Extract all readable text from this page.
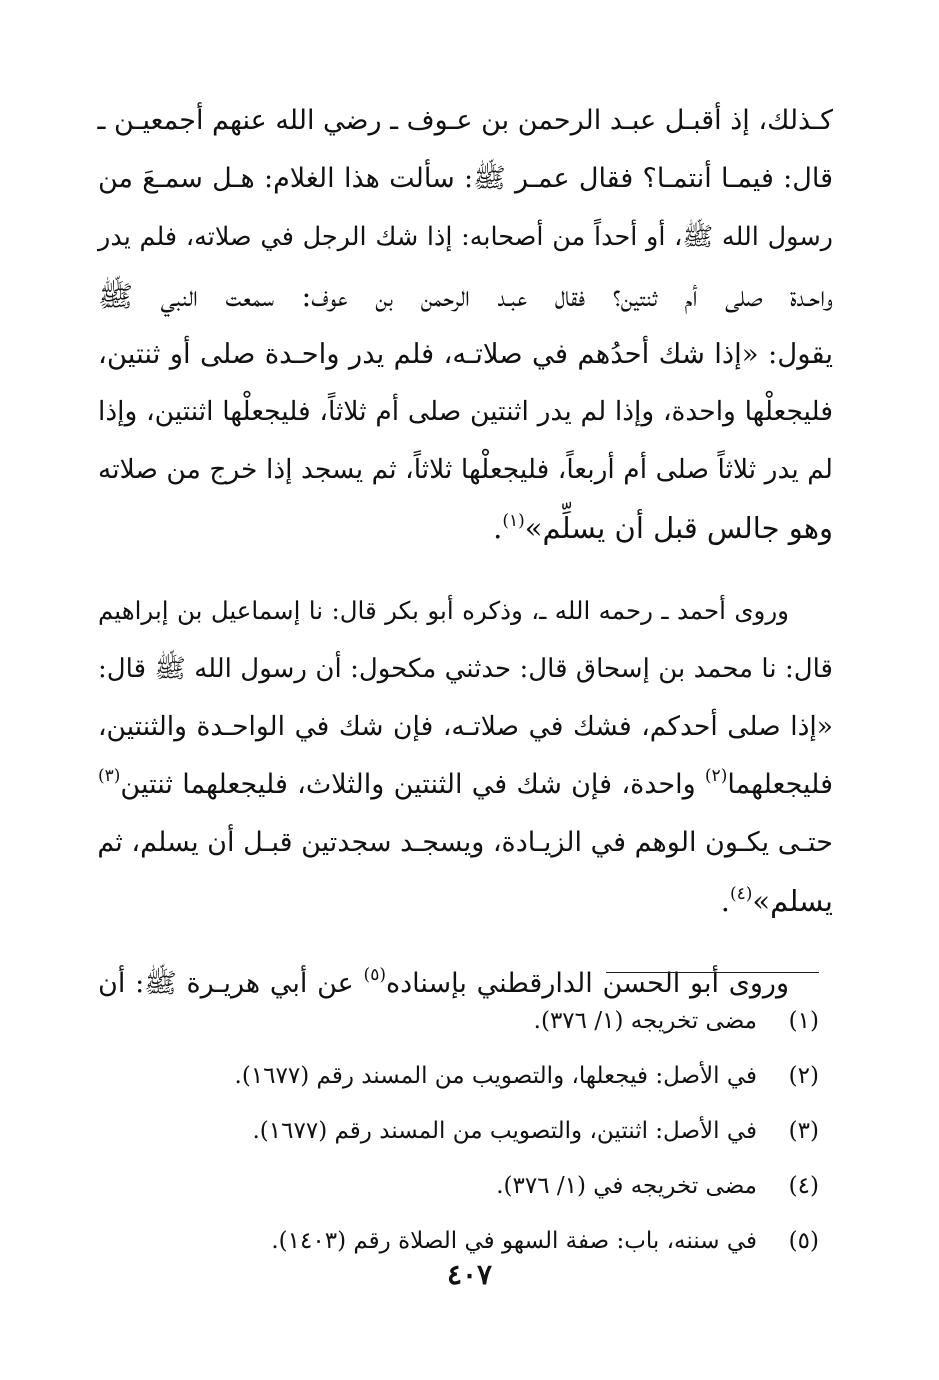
كـذلك، إذ أقبـل عبـد الرحمن بن عـوف ـ رضي الله عنهم أجمعيـن ـ
قال: فيمـا أنتمـا؟ فقال عمـر ﷺ: سألت هذا الغلام: هـل سمـعَ من
رسول الله ﷺ، أو أحداً من أصحابه: إذا شك الرجل في صلاته، فلم يدر
واحـدة صلى أم ثنتين؟ فقال عبـد الرحمن بن عوف: سمعت النبي ﷺ
يقول: «إذا شك أحدُهم في صلاتـه، فلم يدر واحـدة صلى أو ثنتين،
فليجعلْها واحدة، وإذا لم يدر اثنتين صلى أم ثلاثاً، فليجعلْها اثنتين، وإذا
لم يدر ثلاثاً صلى أم أربعاً، فليجعلْها ثلاثاً، ثم يسجد إذا خرج من صلاته
وهو جالس قبل أن يسلِّم»$^{(١)}$.
وروى أحمد ـ رحمه الله ـ، وذكره أبو بكر قال: نا إسماعيل بن إبراهيم
قال: نا محمد بن إسحاق قال: حدثني مكحول: أن رسول الله ﷺ قال:
«إذا صلى أحدكم، فشك في صلاتـه، فإن شك في الواحـدة والثنتين،
فليجعلهما$^{(٢)}$ واحدة، فإن شك في الثنتين والثلاث، فليجعلهما ثنتين$^{(٣)}$
حتـى يكـون الوهم في الزيـادة، ويسجـد سجدتين قبـل أن يسلم، ثم
يسلم»$^{(٤)}$.
وروى أبو الحسن الدارقطني بإسناده$^{(٥)}$ عن أبي هريـرة ﷺ: أن
(١)
مضى تخريجه (١/ ٣٧٦).
(٢)
في الأصل: فيجعلها، والتصويب من المسند رقم (١٦٧٧).
(٣)
في الأصل: اثنتين، والتصويب من المسند رقم (١٦٧٧).
(٤)
مضى تخريجه في (١/ ٣٧٦).
(٥)
في سننه، باب: صفة السهو في الصلاة رقم (١٤٠٣).
٤٠٧
